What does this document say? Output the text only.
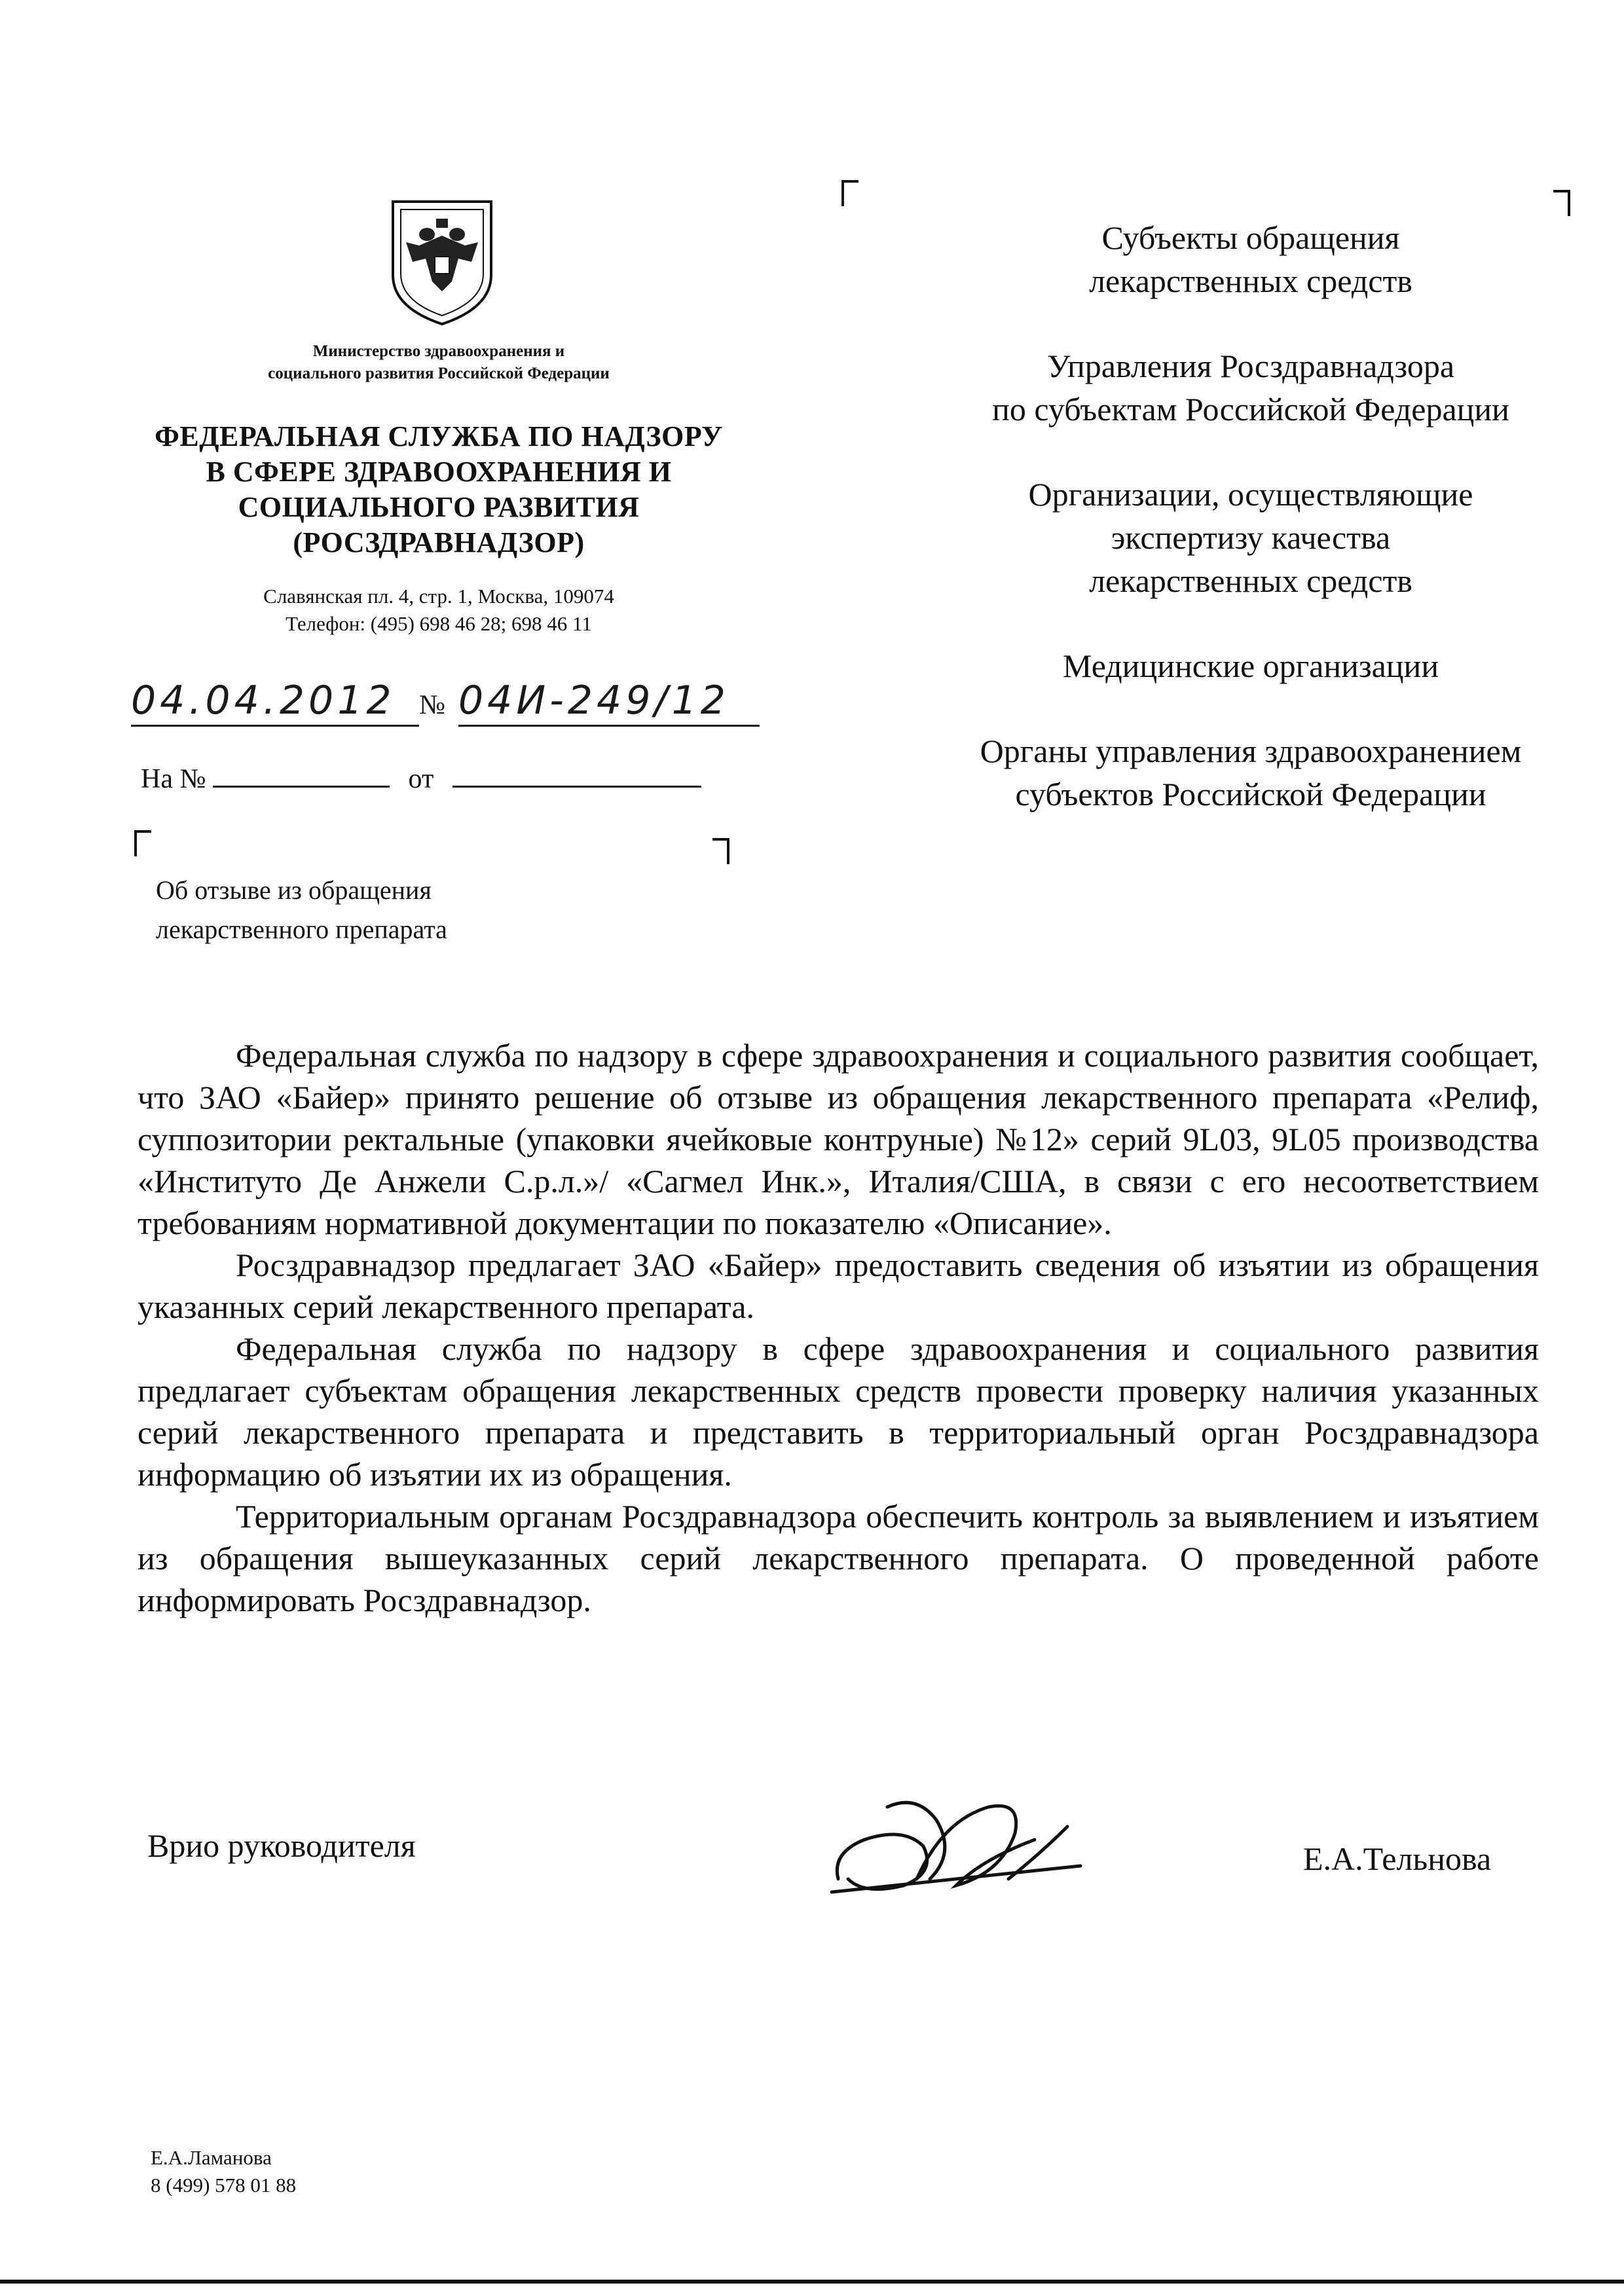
Министерство здравоохранения и
социального развития Российской Федерации
ФЕДЕРАЛЬНАЯ СЛУЖБА ПО НАДЗОРУ
В СФЕРЕ ЗДРАВООХРАНЕНИЯ И
СОЦИАЛЬНОГО РАЗВИТИЯ
(РОСЗДРАВНАДЗОР)
Славянская пл. 4, стр. 1, Москва, 109074
Телефон: (495) 698 46 28; 698 46 11
04.04.2012 № 04И-249/12
На №	от
Об отзыве из обращения
лекарственного препарата
Субъекты обращения
лекарственных средств
Управления Росздравнадзора
по субъектам Российской Федерации
Организации, осуществляющие
экспертизу качества
лекарственных средств
Медицинские организации
Органы управления здравоохранением
субъектов Российской Федерации

Федеральная служба по надзору в сфере здравоохранения и социального развития сообщает, что ЗАО «Байер» принято решение об отзыве из обращения лекарственного препарата «Релиф, суппозитории ректальные (упаковки ячейковые контруные) №12» серий 9L03, 9L05 производства «Институто Де Анжели С.р.л.»/ «Сагмел Инк.», Италия/США, в связи с его несоответствием требованиям нормативной документации по показателю «Описание».

Росздравнадзор предлагает ЗАО «Байер» предоставить сведения об изъятии из обращения указанных серий лекарственного препарата.

Федеральная служба по надзору в сфере здравоохранения и социального развития предлагает субъектам обращения лекарственных средств провести проверку наличия указанных серий лекарственного препарата и представить в территориальный орган Росздравнадзора информацию об изъятии их из обращения.

Территориальным органам Росздравнадзора обеспечить контроль за выявлением и изъятием из обращения вышеуказанных серий лекарственного препарата. О проведенной работе информировать Росздравнадзор.

Врио руководителя	Е.А.Тельнова
Е.А.Ламанова
8 (499) 578 01 88
